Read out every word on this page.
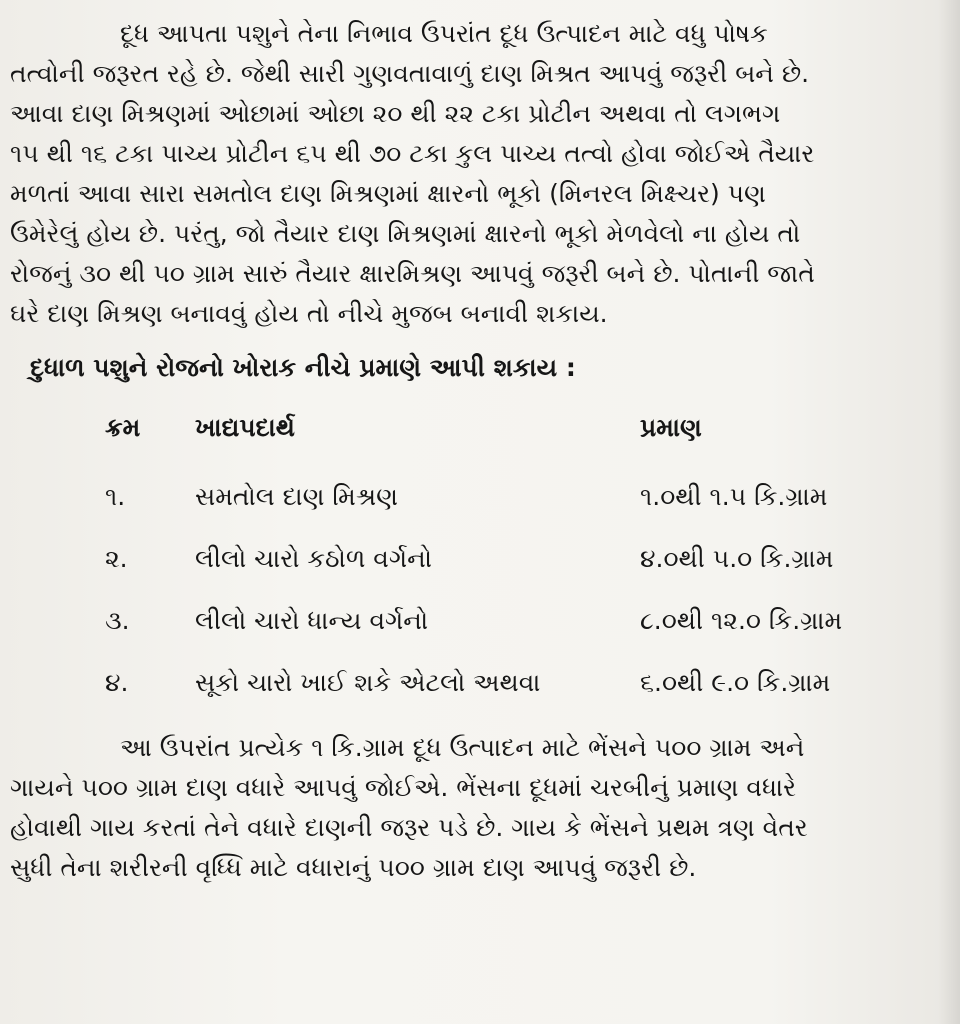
દૂધ આપતા પશુને તેના નિભાવ ઉપરાંત દૂધ ઉત્પાદન માટે વધુ પોષક
તત્વોની જરૂરત રહે છે. જેથી સારી ગુણવતાવાળું દાણ મિશ્રત આપવું જરૂરી બને છે.
આવા દાણ મિશ્રણમાં ઓછામાં ઓછા ૨૦ થી ૨૨ ટકા પ્રોટીન અથવા તો લગભગ
૧૫ થી ૧૬ ટકા પાચ્ય પ્રોટીન ૬૫ થી ૭૦ ટકા કુલ પાચ્ય તત્વો હોવા જોઈએ તૈયાર
મળતાં આવા સારા સમતોલ દાણ મિશ્રણમાં ક્ષારનો ભૂકો (મિનરલ મિક્ષ્ચર) પણ
ઉમેરેલું હોય છે. પરંતુ, જો તૈયાર દાણ મિશ્રણમાં ક્ષારનો ભૂકો મેળવેલો ના હોય તો
રોજનું ૩૦ થી ૫૦ ગ્રામ સારું તૈયાર ક્ષારમિશ્રણ આપવું જરૂરી બને છે. પોતાની જાતે
ઘરે દાણ મિશ્રણ બનાવવું હોય તો નીચે મુજબ બનાવી શકાય.

દુધાળ પશુને રોજનો ખોરાક નીચે પ્રમાણે આપી શકાય :
ક્રમ	ખાદ્યપદાર્થ	પ્રમાણ
૧.	સમતોલ દાણ મિશ્રણ	૧.૦થી ૧.૫ કિ.ગ્રામ
૨.	લીલો ચારો કઠોળ વર્ગનો	૪.૦થી ૫.૦ કિ.ગ્રામ
૩.	લીલો ચારો ધાન્ય વર્ગનો	૮.૦થી ૧૨.૦ કિ.ગ્રામ
૪.	સૂકો ચારો ખાઈ શકે એટલો અથવા	૬.૦થી ૯.૦ કિ.ગ્રામ

આ ઉપરાંત પ્રત્યેક ૧ કિ.ગ્રામ દૂધ ઉત્પાદન માટે ભેંસને ૫૦૦ ગ્રામ અને
ગાયને ૫૦૦ ગ્રામ દાણ વધારે આપવું જોઈએ. ભેંસના દૂધમાં ચરબીનું પ્રમાણ વધારે
હોવાથી ગાય કરતાં તેને વધારે દાણની જરૂર પડે છે. ગાય કે ભેંસને પ્રથમ ત્રણ વેતર
સુધી તેના શરીરની વૃધ્ધિ માટે વધારાનું ૫૦૦ ગ્રામ દાણ આપવું જરૂરી છે.
